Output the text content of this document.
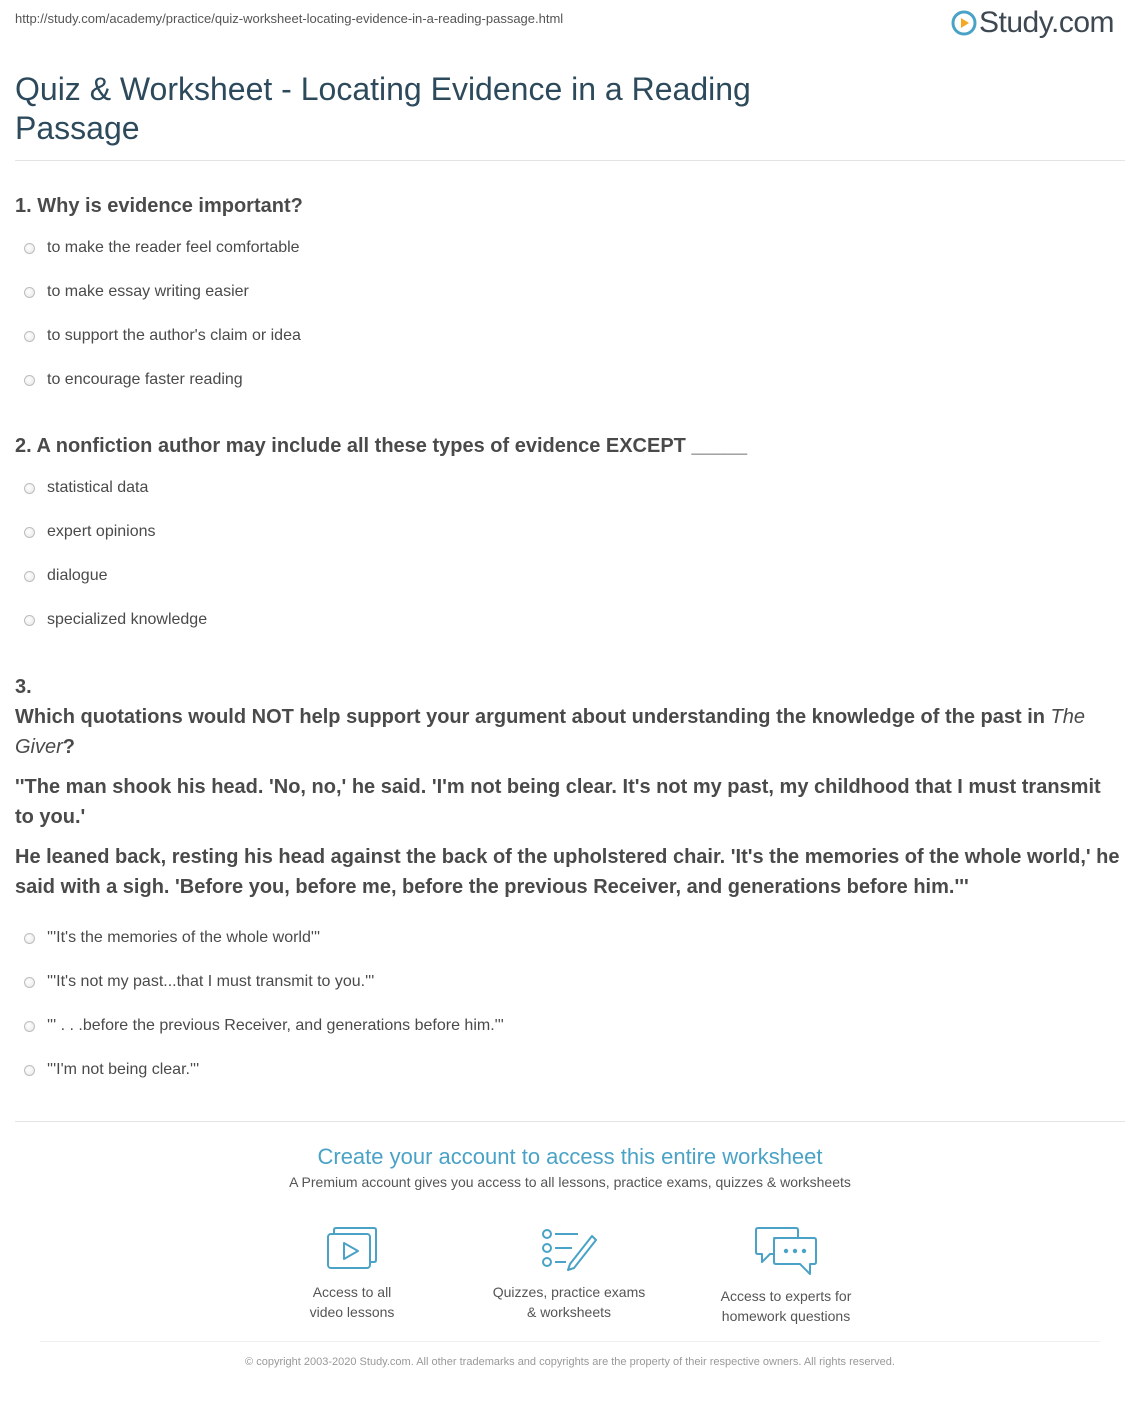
http://study.com/academy/practice/quiz-worksheet-locating-evidence-in-a-reading-passage.html	Study.com
Quiz & Worksheet - Locating Evidence in a Reading Passage
1. Why is evidence important?
to make the reader feel comfortable
to make essay writing easier
to support the author's claim or idea
to encourage faster reading
2. A nonfiction author may include all these types of evidence EXCEPT _____
statistical data
expert opinions
dialogue
specialized knowledge

3.

Which quotations would NOT help support your argument about understanding the knowledge of the past in The Giver?

''The man shook his head. 'No, no,' he said. 'I'm not being clear. It's not my past, my childhood that I must transmit to you.'

He leaned back, resting his head against the back of the upholstered chair. 'It's the memories of the whole world,' he said with a sigh. 'Before you, before me, before the previous Receiver, and generations before him.'''

'''It's the memories of the whole world'''
'''It's not my past...that I must transmit to you.'''
''' . . .before the previous Receiver, and generations before him.'''
'''I'm not being clear.'''
Create your account to access this entire worksheet
A Premium account gives you access to all lessons, practice exams, quizzes & worksheets
Access to all
video lessons
Quizzes, practice exams
& worksheets
Access to experts for
homework questions
© copyright 2003-2020 Study.com. All other trademarks and copyrights are the property of their respective owners. All rights reserved.
